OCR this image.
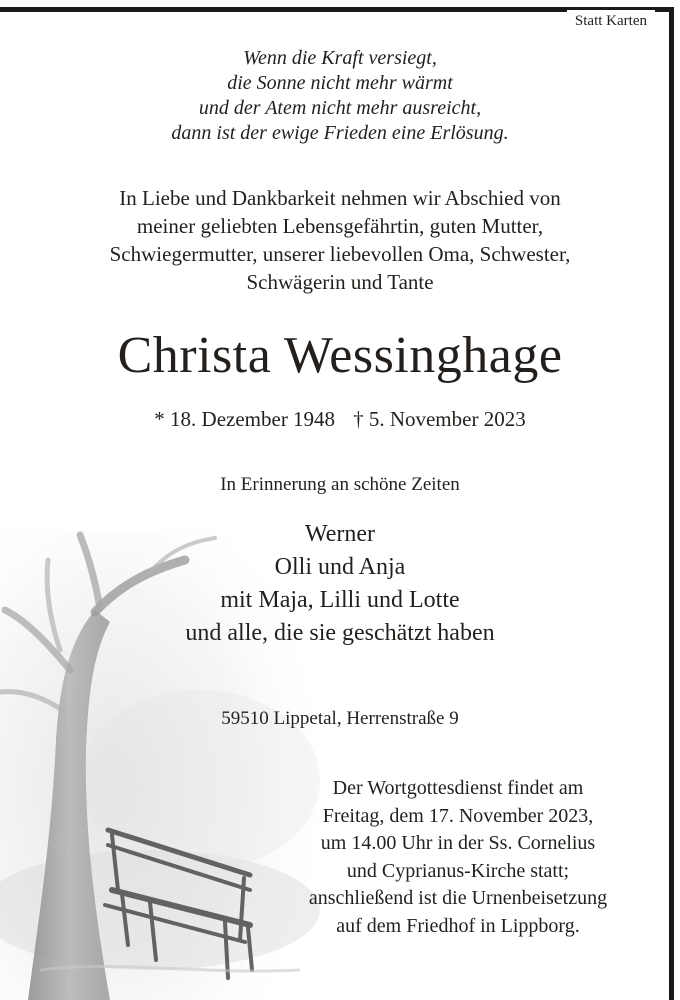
Statt Karten
Wenn die Kraft versiegt,
die Sonne nicht mehr wärmt
und der Atem nicht mehr ausreicht,
dann ist der ewige Frieden eine Erlösung.
In Liebe und Dankbarkeit nehmen wir Abschied von
meiner geliebten Lebensgefährtin, guten Mutter,
Schwiegermutter, unserer liebevollen Oma, Schwester,
Schwägerin und Tante
Christa Wessinghage
* 18. Dezember 1948 † 5. November 2023
In Erinnerung an schöne Zeiten
Werner
Olli und Anja
mit Maja, Lilli und Lotte
und alle, die sie geschätzt haben
59510 Lippetal, Herrenstraße 9
Der Wortgottesdienst findet am
Freitag, dem 17. November 2023,
um 14.00 Uhr in der Ss. Cornelius
und Cyprianus-Kirche statt;
anschließend ist die Urnenbeisetzung
auf dem Friedhof in Lippborg.
